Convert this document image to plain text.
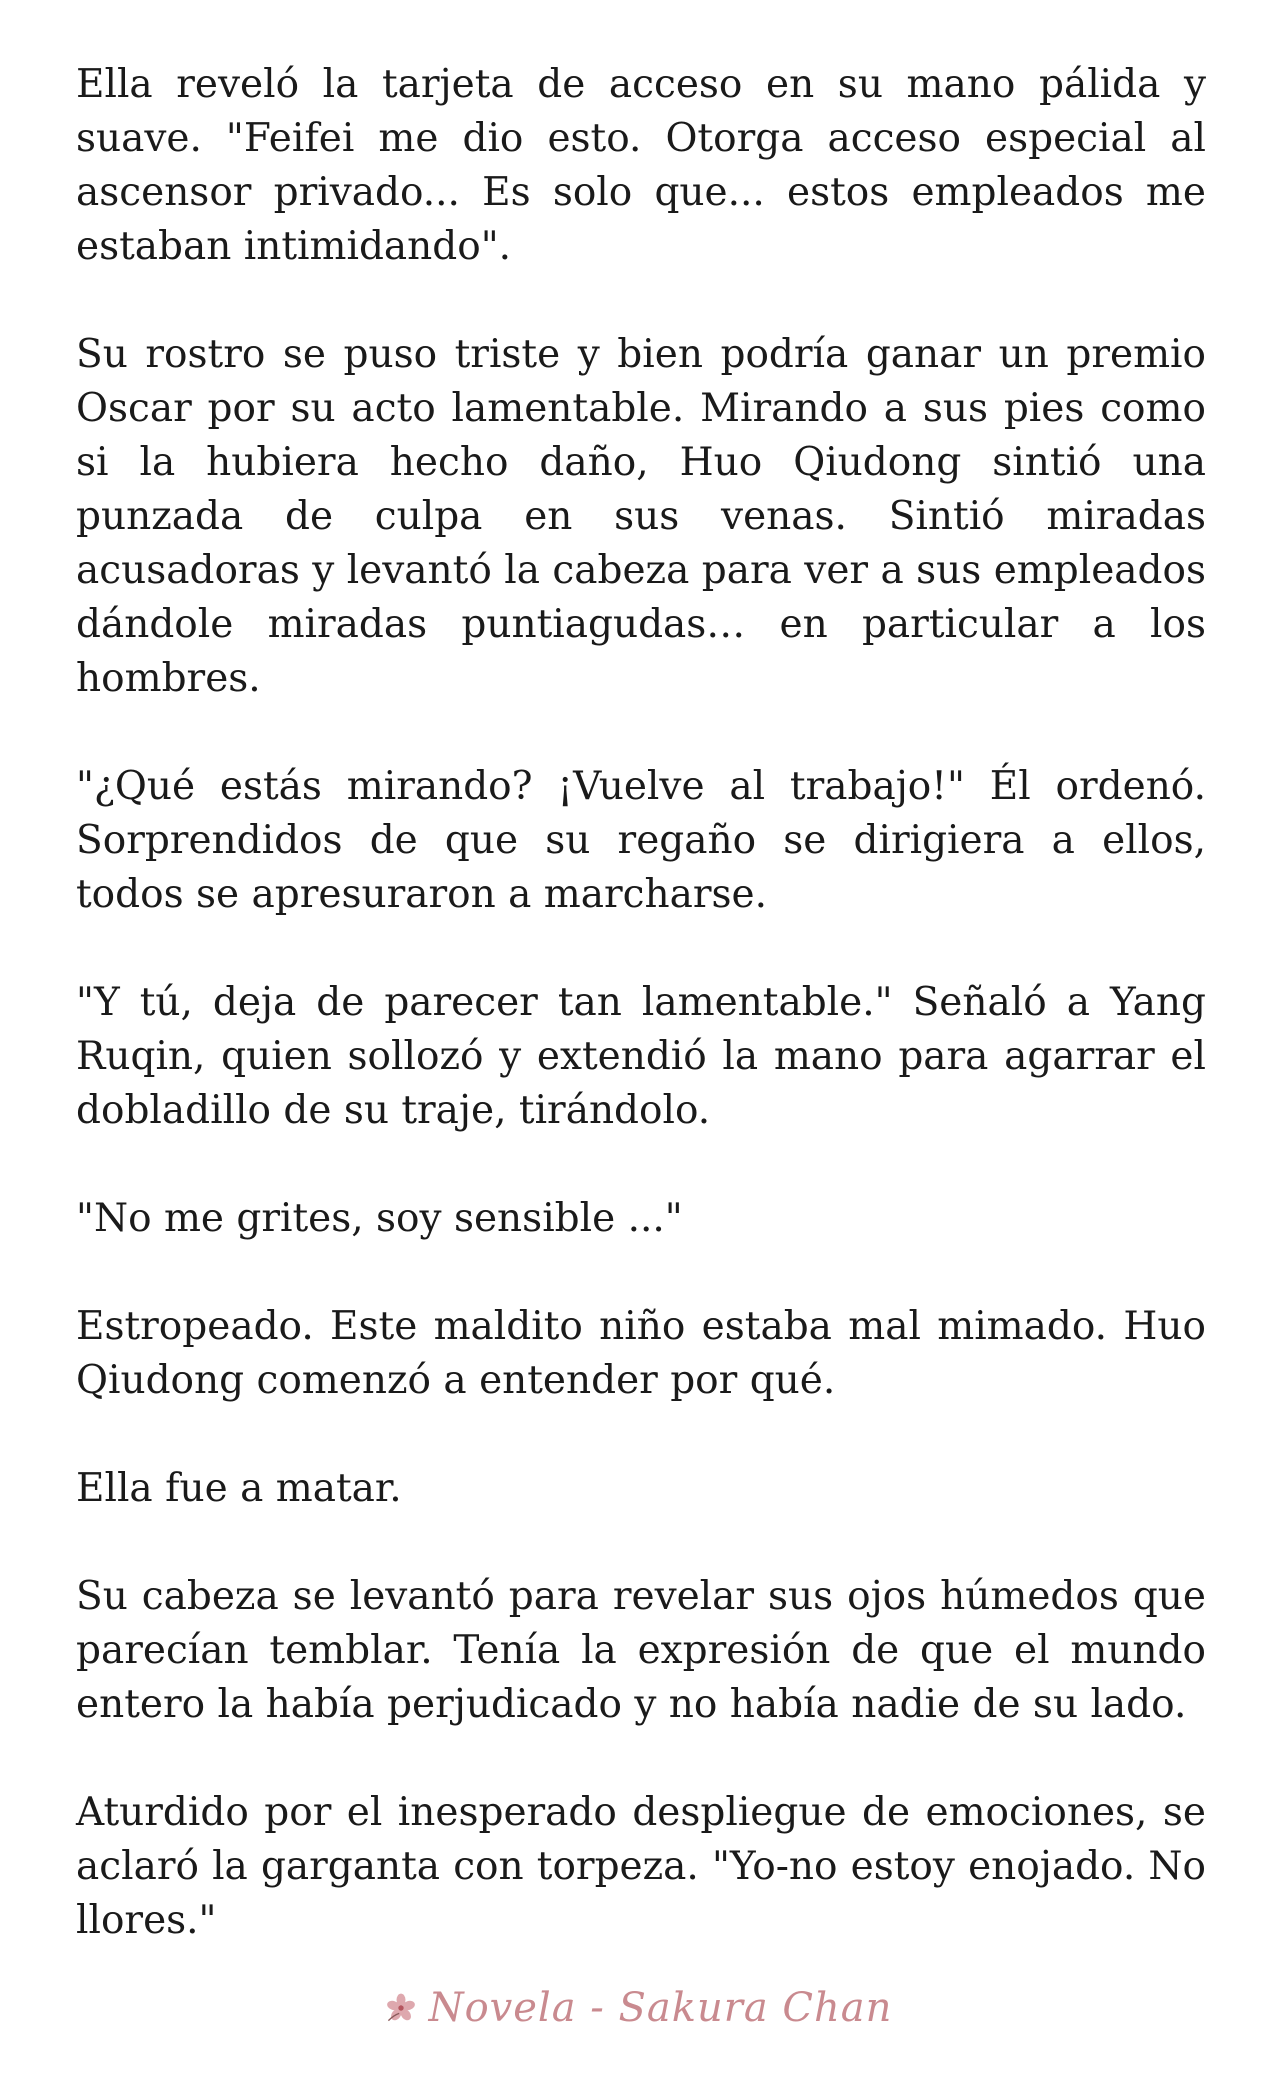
Ella reveló la tarjeta de acceso en su mano pálida y suave. "Feifei me dio esto. Otorga acceso especial al ascensor privado... Es solo que... estos empleados me estaban intimidando".

Su rostro se puso triste y bien podría ganar un premio Oscar por su acto lamentable. Mirando a sus pies como si la hubiera hecho daño, Huo Qiudong sintió una punzada de culpa en sus venas. Sintió miradas acusadoras y levantó la cabeza para ver a sus empleados dándole miradas puntiagudas… en particular a los hombres.

"¿Qué estás mirando? ¡Vuelve al trabajo!" Él ordenó. Sorprendidos de que su regaño se dirigiera a ellos, todos se apresuraron a marcharse.

"Y tú, deja de parecer tan lamentable." Señaló a Yang Ruqin, quien sollozó y extendió la mano para agarrar el dobladillo de su traje, tirándolo.

"No me grites, soy sensible ..."

Estropeado. Este maldito niño estaba mal mimado. Huo Qiudong comenzó a entender por qué.

Ella fue a matar.

Su cabeza se levantó para revelar sus ojos húmedos que parecían temblar. Tenía la expresión de que el mundo entero la había perjudicado y no había nadie de su lado.

Aturdido por el inesperado despliegue de emociones, se aclaró la garganta con torpeza. "Yo-no estoy enojado. No llores."

Novela - Sakura Chan
